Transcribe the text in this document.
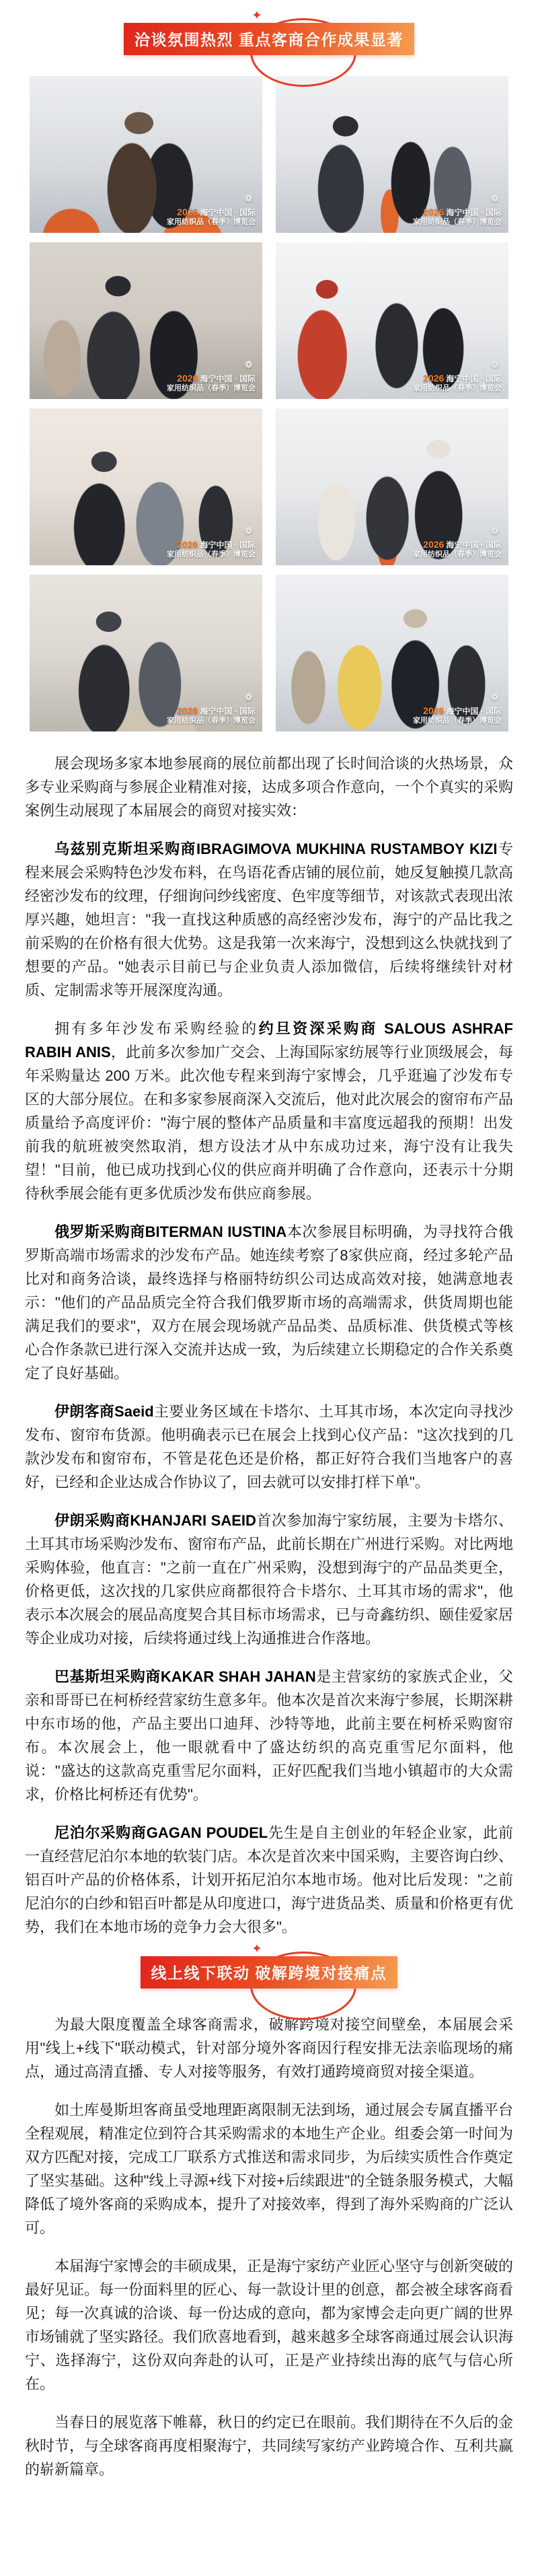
✦
洽谈氛围热烈 重点客商合作成果显著
❁
2026 海宁中国 · 国际
家用纺织品（春季）博览会
❁
2026 海宁中国 · 国际
家用纺织品（春季）博览会
❁
2026 海宁中国 · 国际
家用纺织品（春季）博览会
❁
2026 海宁中国 · 国际
家用纺织品（春季）博览会
❁
2026 海宁中国 · 国际
家用纺织品（春季）博览会
❁
2026 海宁中国 · 国际
家用纺织品（春季）博览会
❁
2026 海宁中国 · 国际
家用纺织品（春季）博览会
❁
2026 海宁中国 · 国际
家用纺织品（春季）博览会

展会现场多家本地参展商的展位前都出现了长时间洽谈的火热场景，众多专业采购商与参展企业精准对接，达成多项合作意向，一个个真实的采购案例生动展现了本届展会的商贸对接实效：

乌兹别克斯坦采购商IBRAGIMOVA MUKHINA RUSTAMBOY KIZI专程来展会采购特色沙发布料，在鸟语花香店铺的展位前，她反复触摸几款高经密沙发布的纹理，仔细询问纱线密度、色牢度等细节，对该款式表现出浓厚兴趣，她坦言："我一直找这种质感的高经密沙发布，海宁的产品比我之前采购的在价格有很大优势。这是我第一次来海宁，没想到这么快就找到了想要的产品。"她表示目前已与企业负责人添加微信，后续将继续针对材质、定制需求等开展深度沟通。

拥有多年沙发布采购经验的约旦资深采购商 SALOUS ASHRAF RABIH ANIS，此前多次参加广交会、上海国际家纺展等行业顶级展会，每年采购量达 200 万米。此次他专程来到海宁家博会，几乎逛遍了沙发布专区的大部分展位。在和多家参展商深入交流后，他对此次展会的窗帘布产品质量给予高度评价："海宁展的整体产品质量和丰富度远超我的预期！出发前我的航班被突然取消，想方设法才从中东成功过来，海宁没有让我失望！"目前，他已成功找到心仪的供应商并明确了合作意向，还表示十分期待秋季展会能有更多优质沙发布供应商参展。

俄罗斯采购商BITERMAN IUSTINA本次参展目标明确，为寻找符合俄罗斯高端市场需求的沙发布产品。她连续考察了8家供应商，经过多轮产品比对和商务洽谈，最终选择与格丽特纺织公司达成高效对接，她满意地表示："他们的产品品质完全符合我们俄罗斯市场的高端需求，供货周期也能满足我们的要求"，双方在展会现场就产品品类、品质标准、供货模式等核心合作条款已进行深入交流并达成一致，为后续建立长期稳定的合作关系奠定了良好基础。

伊朗客商Saeid主要业务区域在卡塔尔、土耳其市场，本次定向寻找沙发布、窗帘布货源。他明确表示已在展会上找到心仪产品："这次找到的几款沙发布和窗帘布，不管是花色还是价格，都正好符合我们当地客户的喜好，已经和企业达成合作协议了，回去就可以安排打样下单"。

伊朗采购商KHANJARI SAEID首次参加海宁家纺展，主要为卡塔尔、土耳其市场采购沙发布、窗帘布产品，此前长期在广州进行采购。对比两地采购体验，他直言："之前一直在广州采购，没想到海宁的产品品类更全，价格更低，这次找的几家供应商都很符合卡塔尔、土耳其市场的需求"，他表示本次展会的展品高度契合其目标市场需求，已与奇鑫纺织、颐佳爱家居等企业成功对接，后续将通过线上沟通推进合作落地。

巴基斯坦采购商KAKAR SHAH JAHAN是主营家纺的家族式企业，父亲和哥哥已在柯桥经营家纺生意多年。他本次是首次来海宁参展，长期深耕中东市场的他，产品主要出口迪拜、沙特等地，此前主要在柯桥采购窗帘布。本次展会上，他一眼就看中了盛达纺织的高克重雪尼尔面料，他说："盛达的这款高克重雪尼尔面料，正好匹配我们当地小镇超市的大众需求，价格比柯桥还有优势"。

尼泊尔采购商GAGAN POUDEL先生是自主创业的年轻企业家，此前一直经营尼泊尔本地的软装门店。本次是首次来中国采购，主要咨询白纱、铝百叶产品的价格体系，计划开拓尼泊尔本地市场。他对比后发现："之前尼泊尔的白纱和铝百叶都是从印度进口，海宁进货品类、质量和价格更有优势，我们在本地市场的竞争力会大很多"。

✦
线上线下联动 破解跨境对接痛点

为最大限度覆盖全球客商需求，破解跨境对接空间壁垒，本届展会采用"线上+线下"联动模式，针对部分境外客商因行程安排无法亲临现场的痛点，通过高清直播、专人对接等服务，有效打通跨境商贸对接全渠道。

如土库曼斯坦客商虽受地理距离限制无法到场，通过展会专属直播平台全程观展，精准定位到符合其采购需求的本地生产企业。组委会第一时间为双方匹配对接，完成工厂联系方式推送和需求同步，为后续实质性合作奠定了坚实基础。这种"线上寻源+线下对接+后续跟进"的全链条服务模式，大幅降低了境外客商的采购成本，提升了对接效率，得到了海外采购商的广泛认可。

本届海宁家博会的丰硕成果，正是海宁家纺产业匠心坚守与创新突破的最好见证。每一份面料里的匠心、每一款设计里的创意，都会被全球客商看见；每一次真诚的洽谈、每一份达成的意向，都为家博会走向更广阔的世界市场铺就了坚实路径。我们欣喜地看到，越来越多全球客商通过展会认识海宁、选择海宁，这份双向奔赴的认可，正是产业持续出海的底气与信心所在。

当春日的展览落下帷幕，秋日的约定已在眼前。我们期待在不久后的金秋时节，与全球客商再度相聚海宁，共同续写家纺产业跨境合作、互利共赢的崭新篇章。
